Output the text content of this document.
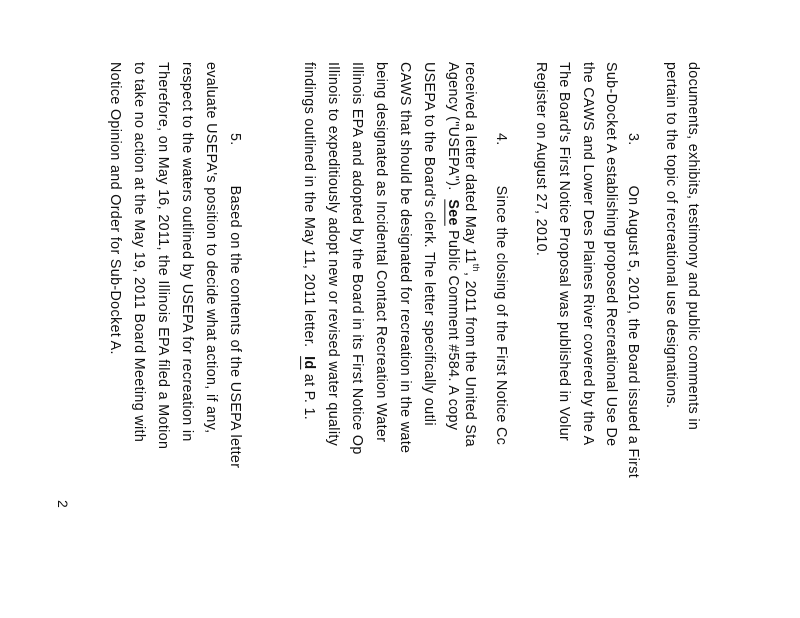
documents, exhibits, testimony and public comments in
pertain to the topic of recreational use designations.
3.On August 5, 2010, the Board issued a First
Sub-Docket A establishing proposed Recreational Use De
the CAWS and Lower Des Plaines River covered by the A
The Board's First Notice Proposal was published in Volur
Register on August 27, 2010.
4.Since the closing of the First Notice Cc
received a letter dated May 11th, 2011 from the United Sta
Agency ("USEPA").  See Public Comment #584. A copy
USEPA to the Board's clerk. The letter specifically outli
CAWS that should be designated for recreation in the wate
being designated as Incidental Contact Recreation Water
Illinois EPA and adopted by the Board in its First Notice Op
Illinois to expeditiously adopt new or revised water quality
findings outlined in the May 11, 2011 letter.  Id at P. 1.
5.Based on the contents of the USEPA letter
evaluate USEPA's position to decide what action, if any,
respect to the waters outlined by USEPA for recreation in
Therefore, on May 16, 2011, the Illinois EPA filed a Motion
to take no action at the May 19, 2011 Board Meeting with
Notice Opinion and Order for Sub-Docket A.
2
